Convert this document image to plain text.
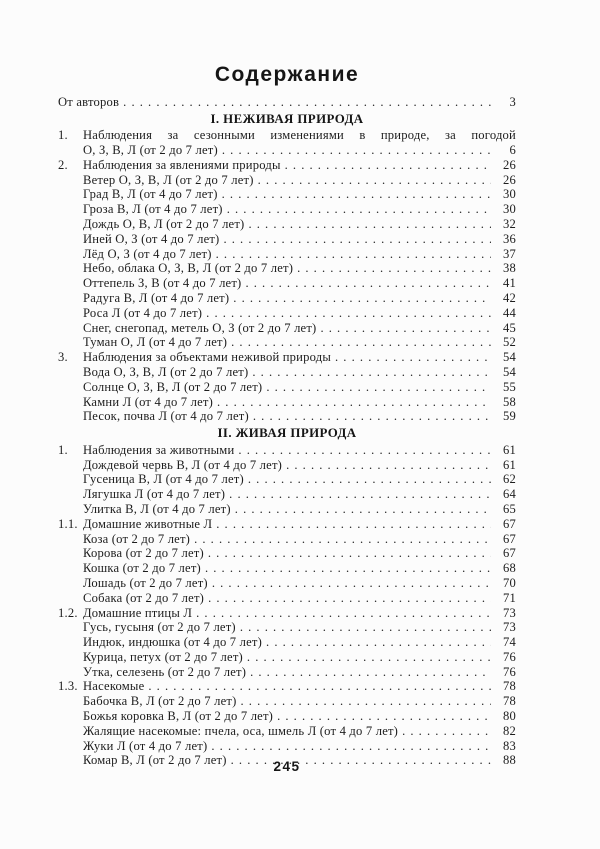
Содержание
От авторов . . .	3
I. НЕЖИВАЯ ПРИРОДА
1.	Наблюдения за сезонными изменениями в природе, за погодой
О, З, В, Л (от 2 до 7 лет) . . .	6
2.	Наблюдения за явлениями природы . . .	26
Ветер О, З, В, Л (от 2 до 7 лет) . . .	26
Град В, Л (от 4 до 7 лет) . . .	30
Гроза В, Л (от 4 до 7 лет) . . .	30
Дождь О, В, Л (от 2 до 7 лет) . . .	32
Иней О, З (от 4 до 7 лет) . . .	36
Лёд О, З (от 4 до 7 лет) . . .	37
Небо, облака О, З, В, Л (от 2 до 7 лет) . . .	38
Оттепель З, В (от 4 до 7 лет) . . .	41
Радуга В, Л (от 4 до 7 лет) . . .	42
Роса Л (от 4 до 7 лет) . . .	44
Снег, снегопад, метель О, З (от 2 до 7 лет) . . .	45
Туман О, Л (от 4 до 7 лет) . . .	52
3.	Наблюдения за объектами неживой природы . . .	54
Вода О, З, В, Л (от 2 до 7 лет) . . .	54
Солнце О, З, В, Л (от 2 до 7 лет) . . .	55
Камни Л (от 4 до 7 лет) . . .	58
Песок, почва Л (от 4 до 7 лет) . . .	59
II. ЖИВАЯ ПРИРОДА
1.	Наблюдения за животными . . .	61
Дождевой червь В, Л (от 4 до 7 лет) . . .	61
Гусеница В, Л (от 4 до 7 лет) . . .	62
Лягушка Л (от 4 до 7 лет) . . .	64
Улитка В, Л (от 4 до 7 лет) . . .	65
1.1. Домашние животные Л . . .	67
Коза (от 2 до 7 лет) . . .	67
Корова (от 2 до 7 лет) . . .	67
Кошка (от 2 до 7 лет) . . .	68
Лошадь (от 2 до 7 лет) . . .	70
Собака (от 2 до 7 лет) . . .	71
1.2. Домашние птицы Л . . .	73
Гусь, гусыня (от 2 до 7 лет) . . .	73
Индюк, индюшка (от 4 до 7 лет) . . .	74
Курица, петух (от 2 до 7 лет) . . .	76
Утка, селезень (от 2 до 7 лет) . . .	76
1.3. Насекомые . . .	78
Бабочка В, Л (от 2 до 7 лет) . . .	78
Божья коровка В, Л (от 2 до 7 лет) . . .	80
Жалящие насекомые: пчела, оса, шмель Л (от 4 до 7 лет) . . .	82
Жуки Л (от 4 до 7 лет) . . .	83
Комар В, Л (от 2 до 7 лет) . . .	88
245
